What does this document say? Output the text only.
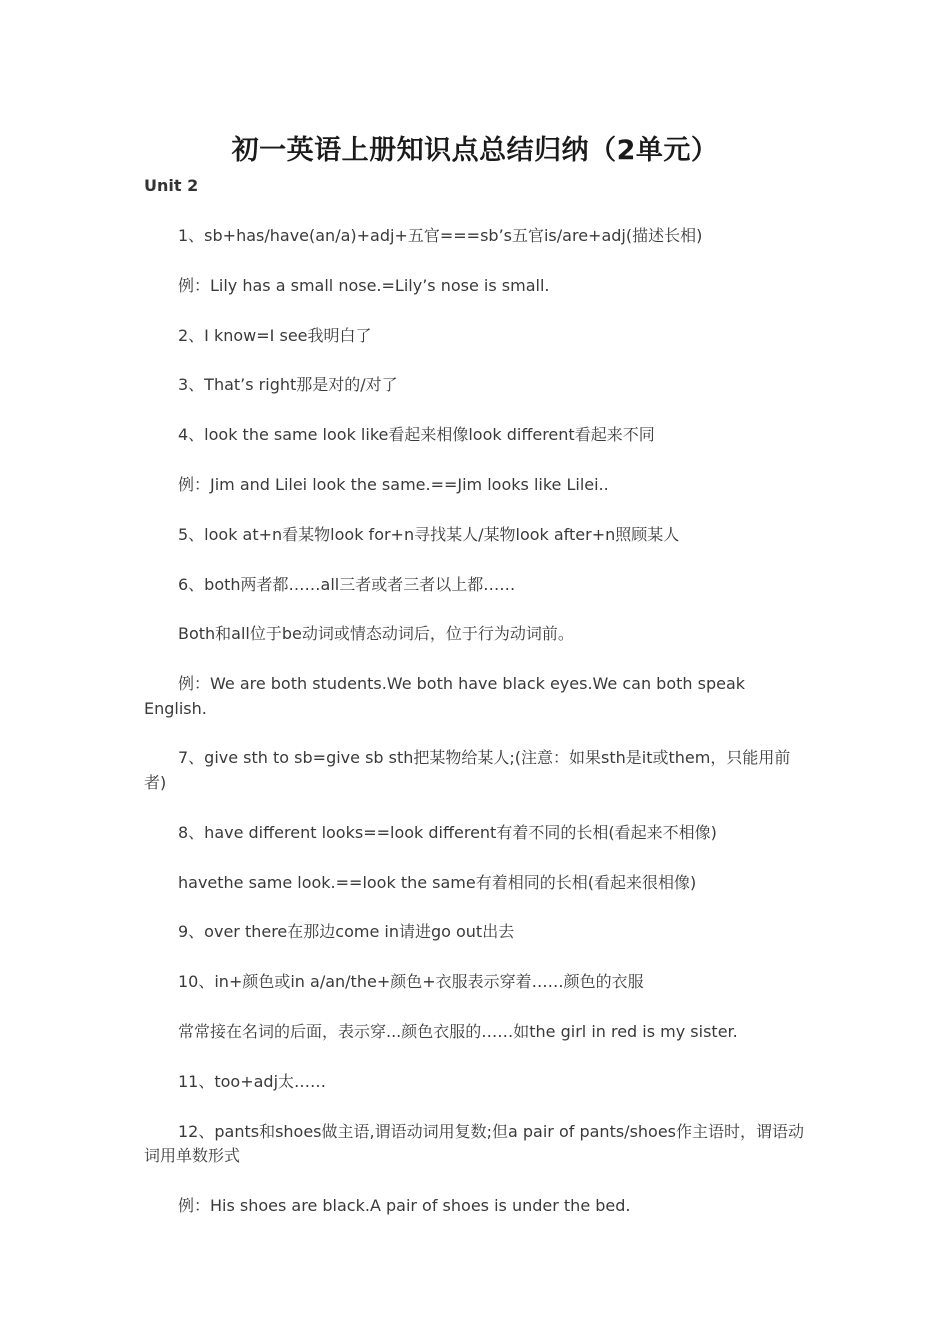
初一英语上册知识点总结归纳（2单元）
Unit 2

1、sb+has/have(an/a)+adj+五官===sb’s五官is/are+adj(描述长相)

例：Lily has a small nose.=Lily’s nose is small.

2、I know=I see我明白了

3、That’s right那是对的/对了

4、look the same look like看起来相像look different看起来不同

例：Jim and Lilei look the same.==Jim looks like Lilei..

5、look at+n看某物look for+n寻找某人/某物look after+n照顾某人

6、both两者都……all三者或者三者以上都……

Both和all位于be动词或情态动词后，位于行为动词前。

例：We are both students.We both have black eyes.We can both speak English.

7、give sth to sb=give sb sth把某物给某人;(注意：如果sth是it或them，只能用前者)

8、have different looks==look different有着不同的长相(看起来不相像)

havethe same look.==look the same有着相同的长相(看起来很相像)

9、over there在那边come in请进go out出去

10、in+颜色或in a/an/the+颜色+衣服表示穿着……颜色的衣服

常常接在名词的后面，表示穿...颜色衣服的……如the girl in red is my sister.

11、too+adj太……

12、pants和shoes做主语,谓语动词用复数;但a pair of pants/shoes作主语时，谓语动词用单数形式

例：His shoes are black.A pair of shoes is under the bed.
